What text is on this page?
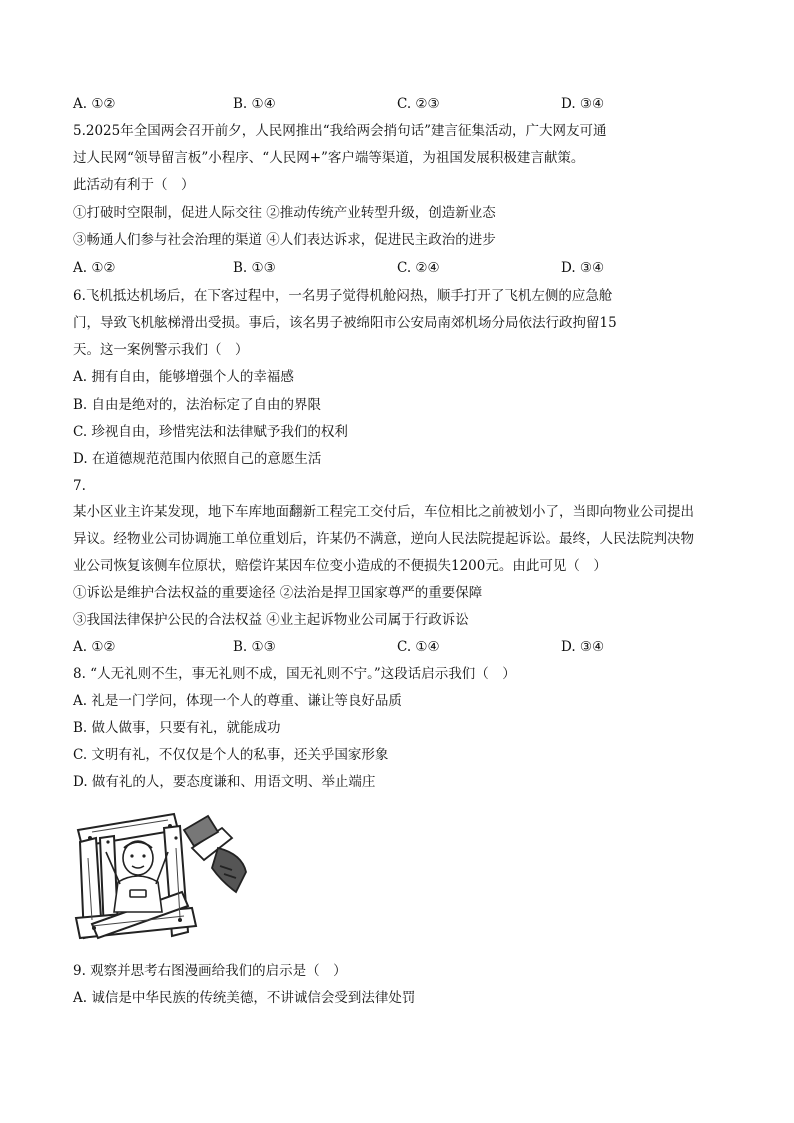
A. ①②	B. ①④	C. ②③	D. ③④
5.2025年全国两会召开前夕，人民网推出“我给两会捎句话”建言征集活动，广大网友可通
过人民网“领导留言板”小程序、“人民网+”客户端等渠道，为祖国发展积极建言献策。
此活动有利于（　）
①打破时空限制，促进人际交往 ②推动传统产业转型升级，创造新业态
③畅通人们参与社会治理的渠道 ④人们表达诉求，促进民主政治的进步
A. ①②	B. ①③	C. ②④	D. ③④
6.飞机抵达机场后，在下客过程中，一名男子觉得机舱闷热，顺手打开了飞机左侧的应急舱
门，导致飞机舷梯滑出受损。事后，该名男子被绵阳市公安局南郊机场分局依法行政拘留15
天。这一案例警示我们（　）
A. 拥有自由，能够增强个人的幸福感
B. 自由是绝对的，法治标定了自由的界限
C. 珍视自由，珍惜宪法和法律赋予我们的权利
D. 在道德规范范围内依照自己的意愿生活
7.
某小区业主许某发现，地下车库地面翻新工程完工交付后，车位相比之前被划小了，当即向物业公司提出
异议。经物业公司协调施工单位重划后，许某仍不满意，逆向人民法院提起诉讼。最终，人民法院判决物
业公司恢复该侧车位原状，赔偿许某因车位变小造成的不便损失1200元。由此可见（　）
①诉讼是维护合法权益的重要途径 ②法治是捍卫国家尊严的重要保障
③我国法律保护公民的合法权益 ④业主起诉物业公司属于行政诉讼
A. ①②	B. ①③	C. ①④	D. ③④
8. “人无礼则不生，事无礼则不成，国无礼则不宁。”这段话启示我们（　）
A. 礼是一门学问，体现一个人的尊重、谦让等良好品质
B. 做人做事，只要有礼，就能成功
C. 文明有礼，不仅仅是个人的私事，还关乎国家形象
D. 做有礼的人，要态度谦和、用语文明、举止端庄
9. 观察并思考右图漫画给我们的启示是（　）
A. 诚信是中华民族的传统美德，不讲诚信会受到法律处罚
